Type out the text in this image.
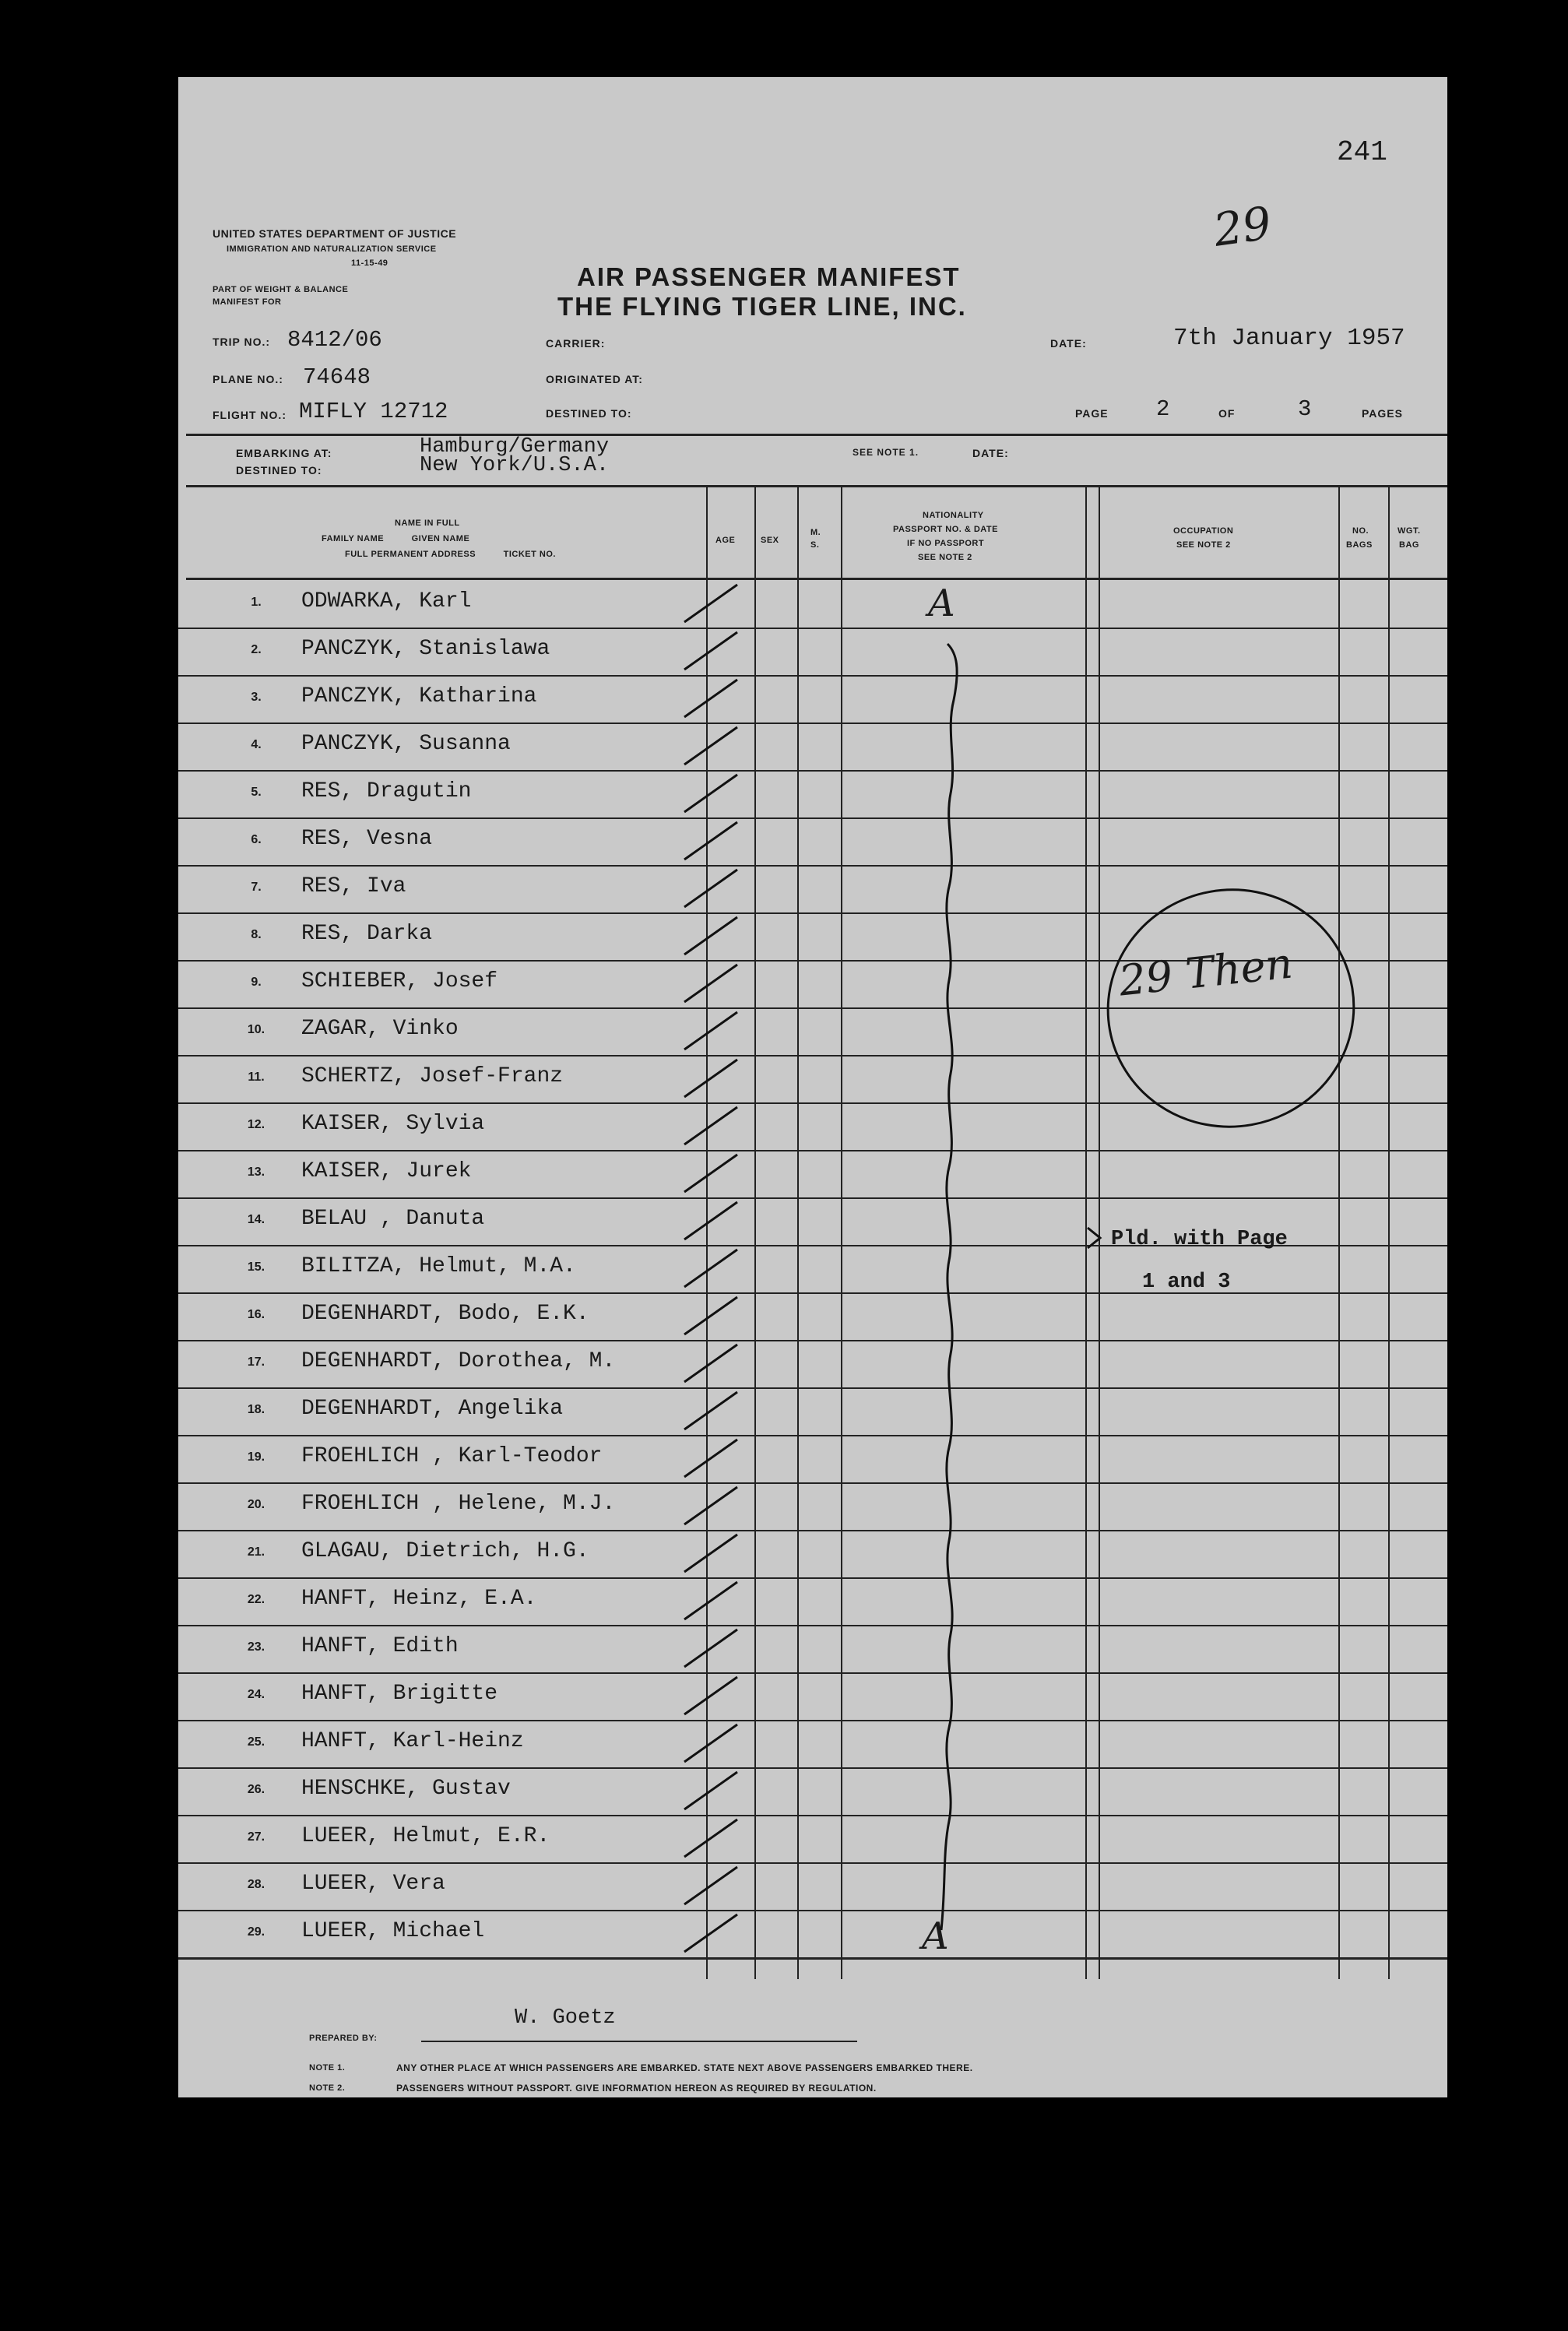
241
29
UNITED STATES DEPARTMENT OF JUSTICE
IMMIGRATION AND NATURALIZATION SERVICE
11-15-49
PART OF WEIGHT & BALANCE
MANIFEST FOR
AIR PASSENGER MANIFEST
THE FLYING TIGER LINE, INC.
TRIP NO.: 8412/06
PLANE NO.: 74648
FLIGHT NO.: MIFLY 12712
CARRIER:
ORIGINATED AT:
DESTINED TO:
DATE:	7th January 1957
PAGE 2	OF	3	PAGES
EMBARKING AT:	Hamburg/Germany
DESTINED TO:	New York/U.S.A.
SEE NOTE 1.	DATE:
NAME IN FULL
FAMILY NAME          GIVEN NAME
FULL PERMANENT ADDRESS          TICKET NO.
AGE	SEX
M.
S.
NATIONALITY
PASSPORT NO. & DATE
IF NO PASSPORT
SEE NOTE 2
OCCUPATION
SEE NOTE 2
NO.
BAGS
WGT.
BAG
1.	ODWARKA, Karl
2.	PANCZYK, Stanislawa
3.	PANCZYK, Katharina
4.	PANCZYK, Susanna
5.	RES, Dragutin
6.	RES, Vesna
7.	RES, Iva
8.	RES, Darka
9.	SCHIEBER, Josef
10.	ZAGAR, Vinko
11.	SCHERTZ, Josef-Franz
12.	KAISER, Sylvia
13.	KAISER, Jurek
14.	BELAU , Danuta
15.	BILITZA, Helmut, M.A.
16.	DEGENHARDT, Bodo, E.K.
17.	DEGENHARDT, Dorothea, M.
18.	DEGENHARDT, Angelika
19.	FROEHLICH , Karl-Teodor
20.	FROEHLICH , Helene, M.J.
21.	GLAGAU, Dietrich, H.G.
22.	HANFT, Heinz, E.A.
23.	HANFT, Edith
24.	HANFT, Brigitte
25.	HANFT, Karl-Heinz
26.	HENSCHKE, Gustav
27.	LUEER, Helmut, E.R.
28.	LUEER, Vera
29.	LUEER, Michael
A
A
Pld. with Page
1 and 3
29 Then
PREPARED BY:
W. Goetz
NOTE 1.	ANY OTHER PLACE AT WHICH PASSENGERS ARE EMBARKED. STATE NEXT ABOVE PASSENGERS EMBARKED THERE.
NOTE 2.	PASSENGERS WITHOUT PASSPORT. GIVE INFORMATION HEREON AS REQUIRED BY REGULATION.
